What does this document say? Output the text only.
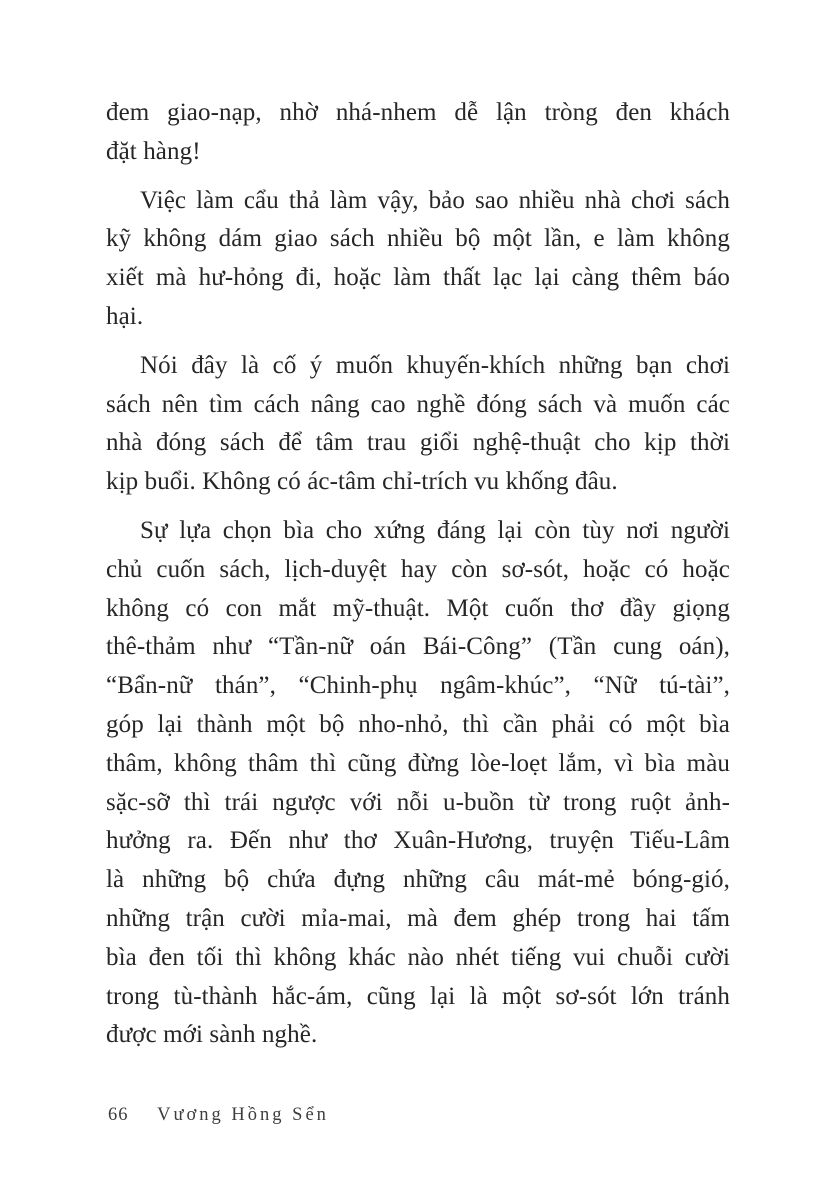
đem giao-nạp, nhờ nhá-nhem dễ lận tròng đen khách
đặt hàng!
Việc làm cẩu thả làm vậy, bảo sao nhiều nhà chơi sách
kỹ không dám giao sách nhiều bộ một lần, e làm không
xiết mà hư-hỏng đi, hoặc làm thất lạc lại càng thêm báo
hại.
Nói đây là cố ý muốn khuyến-khích những bạn chơi
sách nên tìm cách nâng cao nghề đóng sách và muốn các
nhà đóng sách để tâm trau giổi nghệ-thuật cho kịp thời
kịp buổi. Không có ác-tâm chỉ-trích vu khống đâu.
Sự lựa chọn bìa cho xứng đáng lại còn tùy nơi người
chủ cuốn sách, lịch-duyệt hay còn sơ-sót, hoặc có hoặc
không có con mắt mỹ-thuật. Một cuốn thơ đầy giọng
thê-thảm như “Tần-nữ oán Bái-Công” (Tần cung oán),
“Bẩn-nữ thán”, “Chinh-phụ ngâm-khúc”, “Nữ tú-tài”,
góp lại thành một bộ nho-nhỏ, thì cần phải có một bìa
thâm, không thâm thì cũng đừng lòe-loẹt lắm, vì bìa màu
sặc-sỡ thì trái ngược với nỗi u-buồn từ trong ruột ảnh-
hưởng ra. Đến như thơ Xuân-Hương, truyện Tiếu-Lâm
là những bộ chứa đựng những câu mát-mẻ bóng-gió,
những trận cười mỉa-mai, mà đem ghép trong hai tấm
bìa đen tối thì không khác nào nhét tiếng vui chuỗi cười
trong tù-thành hắc-ám, cũng lại là một sơ-sót lớn tránh
được mới sành nghề.
66 Vương Hồng Sển
